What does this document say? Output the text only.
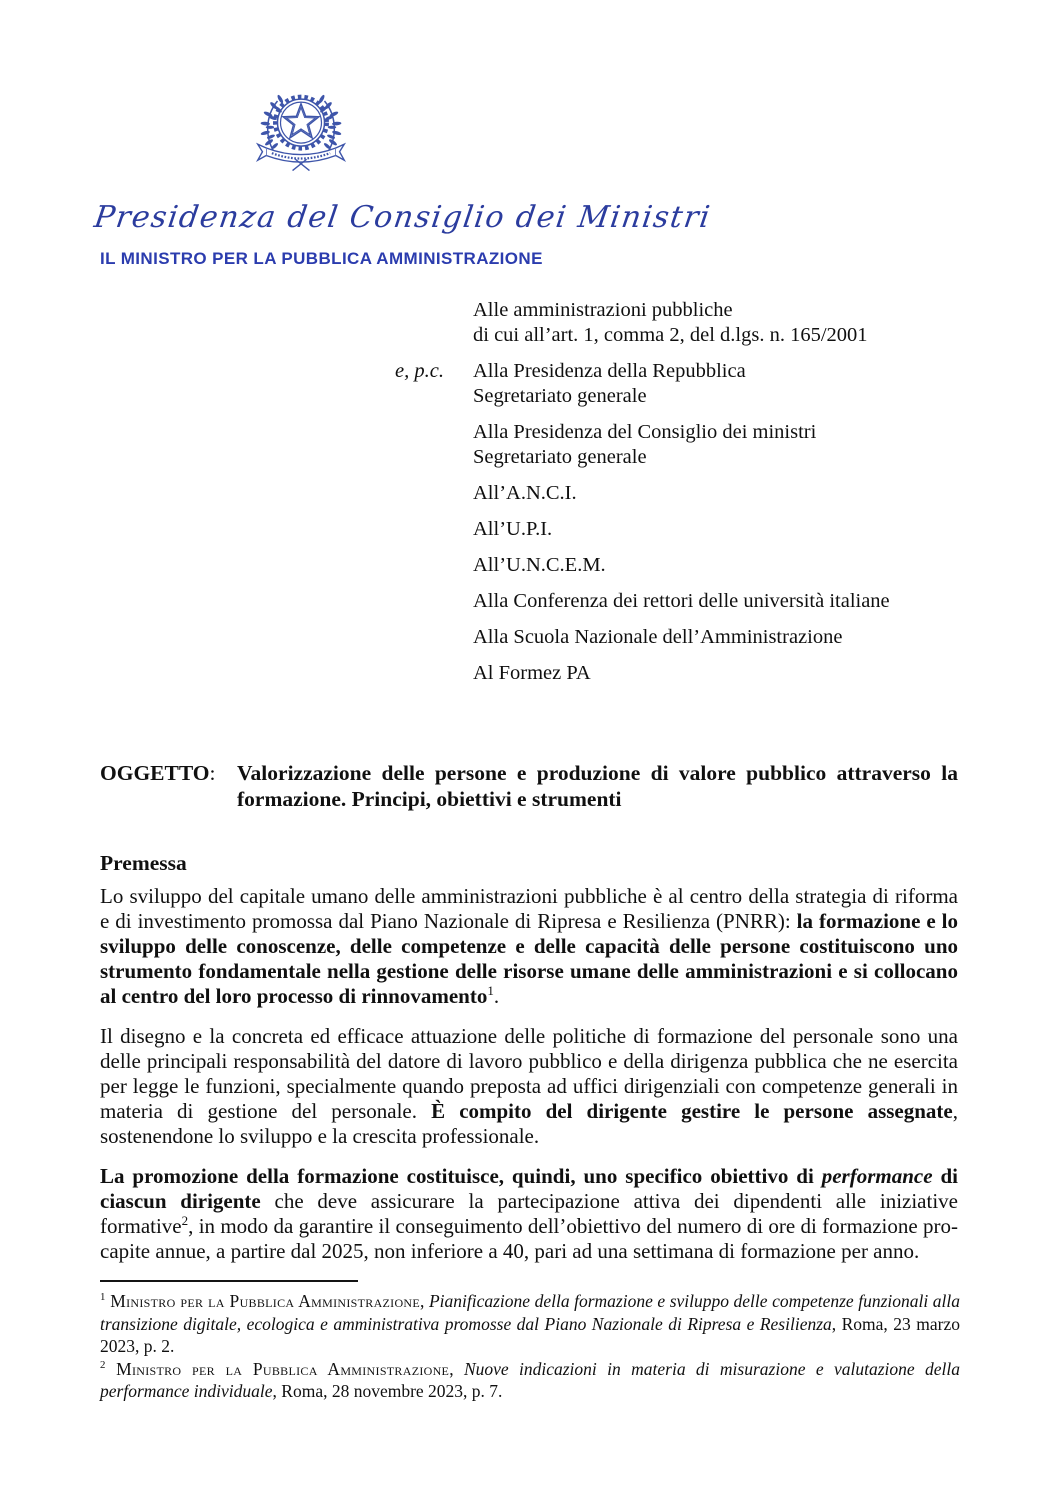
Presidenza del Consiglio dei Ministri
IL MINISTRO PER LA PUBBLICA AMMINISTRAZIONE
Alle amministrazioni pubbliche
di cui all’art. 1, comma 2, del d.lgs. n. 165/2001
e, p.c. Alla Presidenza della Repubblica
Segretariato generale
Alla Presidenza del Consiglio dei ministri
Segretariato generale
All’A.N.C.I.
All’U.P.I.
All’U.N.C.E.M.
Alla Conferenza dei rettori delle università italiane
Alla Scuola Nazionale dell’Amministrazione
Al Formez PA
OGGETTO: Valorizzazione delle persone e produzione di valore pubblico attraverso la formazione. Principi, obiettivi e strumenti
Premessa

Lo sviluppo del capitale umano delle amministrazioni pubbliche è al centro della strategia di riforma e di investimento promossa dal Piano Nazionale di Ripresa e Resilienza (PNRR): la formazione e lo sviluppo delle conoscenze, delle competenze e delle capacità delle persone costituiscono uno strumento fondamentale nella gestione delle risorse umane delle amministrazioni e si collocano al centro del loro processo di rinnovamento$^1$.

Il disegno e la concreta ed efficace attuazione delle politiche di formazione del personale sono una delle principali responsabilità del datore di lavoro pubblico e della dirigenza pubblica che ne esercita per legge le funzioni, specialmente quando preposta ad uffici dirigenziali con competenze generali in materia di gestione del personale. È compito del dirigente gestire le persone assegnate, sostenendone lo sviluppo e la crescita professionale.

La promozione della formazione costituisce, quindi, uno specifico obiettivo di performance di ciascun dirigente che deve assicurare la partecipazione attiva dei dipendenti alle iniziative formative$^2$, in modo da garantire il conseguimento dell’obiettivo del numero di ore di formazione pro-capite annue, a partire dal 2025, non inferiore a 40, pari ad una settimana di formazione per anno.

$^1$ Ministro per la Pubblica Amministrazione, Pianificazione della formazione e sviluppo delle competenze funzionali alla transizione digitale, ecologica e amministrativa promosse dal Piano Nazionale di Ripresa e Resilienza, Roma, 23 marzo 2023, p. 2.
$^2$ Ministro per la Pubblica Amministrazione, Nuove indicazioni in materia di misurazione e valutazione della performance individuale, Roma, 28 novembre 2023, p. 7.
